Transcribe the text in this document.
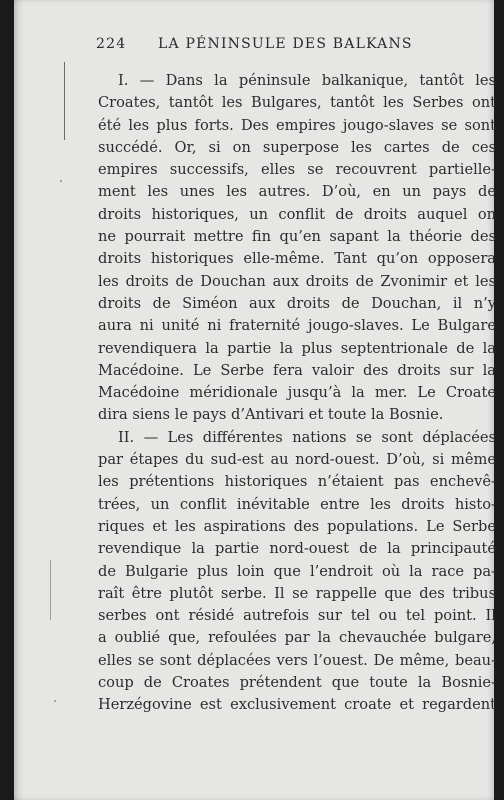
224 LA PÉNINSULE DES BALKANS
I. — Dans la péninsule balkanique, tantôt les
Croates, tantôt les Bulgares, tantôt les Serbes ont
été les plus forts. Des empires jougo-slaves se sont
succédé. Or, si on superpose les cartes de ces
empires successifs, elles se recouvrent partielle-
ment les unes les autres. D’où, en un pays de
droits historiques, un conflit de droits auquel on
ne pourrait mettre fin qu’en sapant la théorie des
droits historiques elle-même. Tant qu’on opposera
les droits de Douchan aux droits de Zvonimir et les
droits de Siméon aux droits de Douchan, il n’y
aura ni unité ni fraternité jougo-slaves. Le Bulgare
revendiquera la partie la plus septentrionale de la
Macédoine. Le Serbe fera valoir des droits sur la
Macédoine méridionale jusqu’à la mer. Le Croate
dira siens le pays d’Antivari et toute la Bosnie.
II. — Les différentes nations se sont déplacées
par étapes du sud-est au nord-ouest. D’où, si même
les prétentions historiques n’étaient pas enchevê-
trées, un conflit inévitable entre les droits histo-
riques et les aspirations des populations. Le Serbe
revendique la partie nord-ouest de la principauté
de Bulgarie plus loin que l’endroit où la race pa-
raît être plutôt serbe. Il se rappelle que des tribus
serbes ont résidé autrefois sur tel ou tel point. Il
a oublié que, refoulées par la chevauchée bulgare,
elles se sont déplacées vers l’ouest. De même, beau-
coup de Croates prétendent que toute la Bosnie-
Herzégovine est exclusivement croate et regardent
